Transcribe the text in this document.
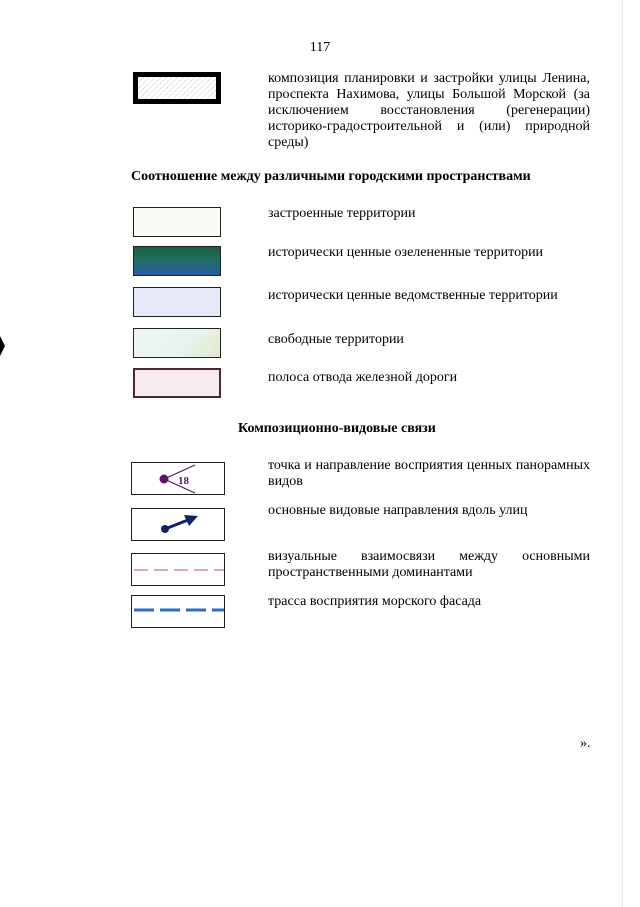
117
композиция планировки и застройки улицы Ленина, проспекта Нахимова, улицы Большой Морской (за исключением восстановления (регенерации) историко-градостроительной и (или) природной среды)
Соотношение между различными городскими пространствами
застроенные территории
исторически ценные озелененные территории
исторически ценные ведомственные территории
свободные территории
полоса отвода железной дороги
Композиционно-видовые связи
18
точка и направление восприятия ценных панорамных видов
основные видовые направления вдоль улиц
визуальные взаимосвязи между основными пространственными доминантами
трасса восприятия морского фасада
».
